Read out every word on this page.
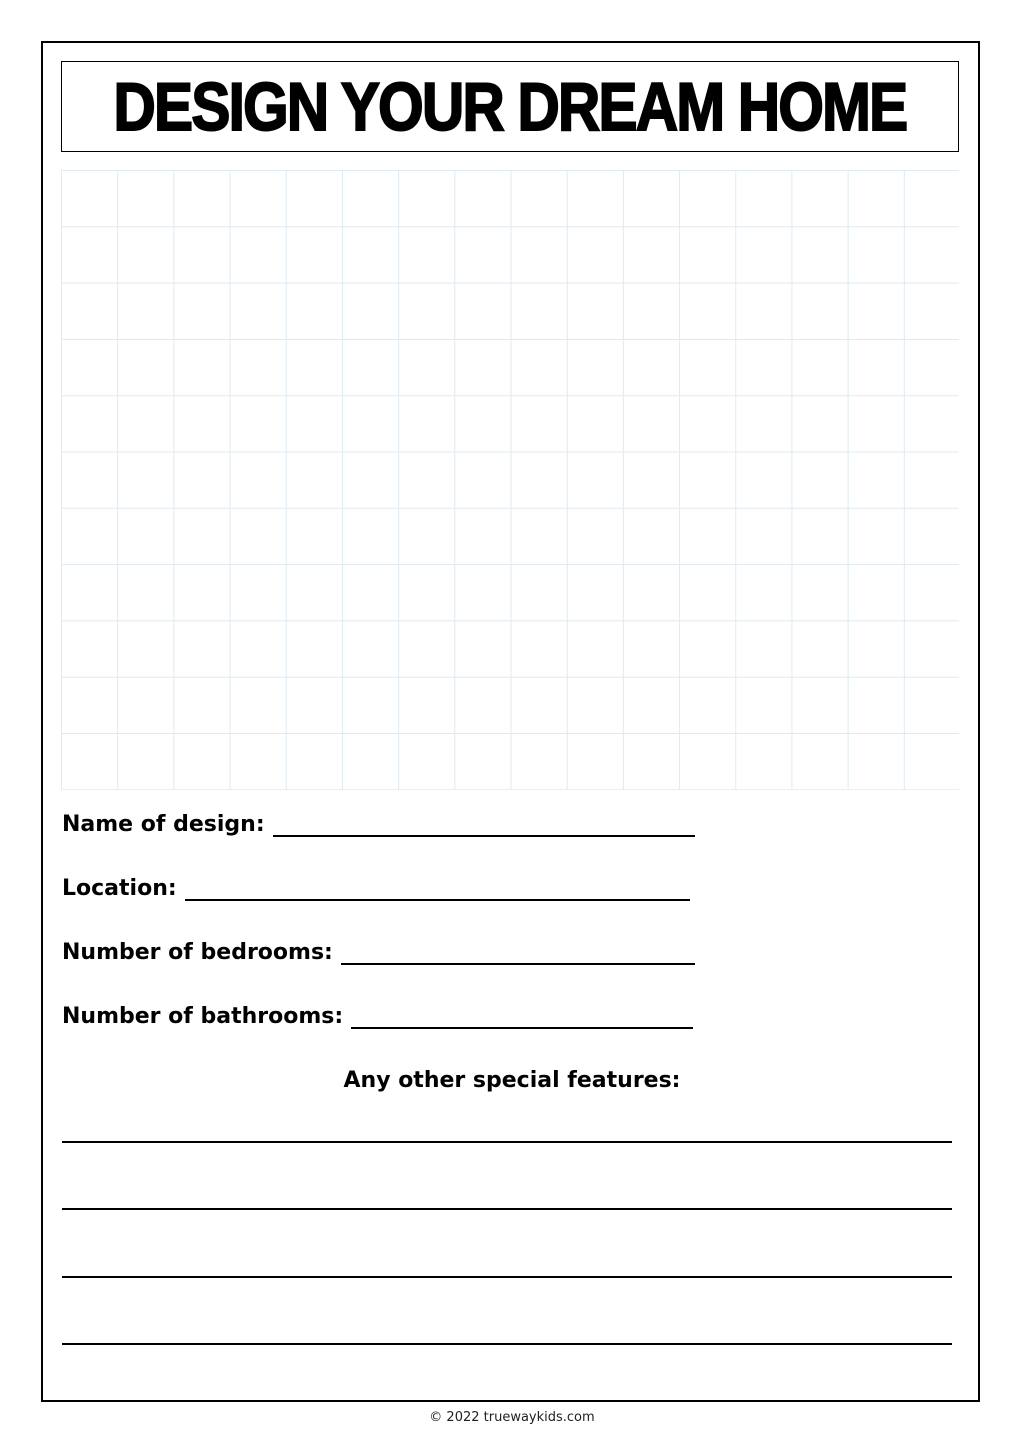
DESIGN YOUR DREAM HOME
Name of design:
Location:
Number of bedrooms:
Number of bathrooms:
Any other special features:
© 2022 truewaykids.com
